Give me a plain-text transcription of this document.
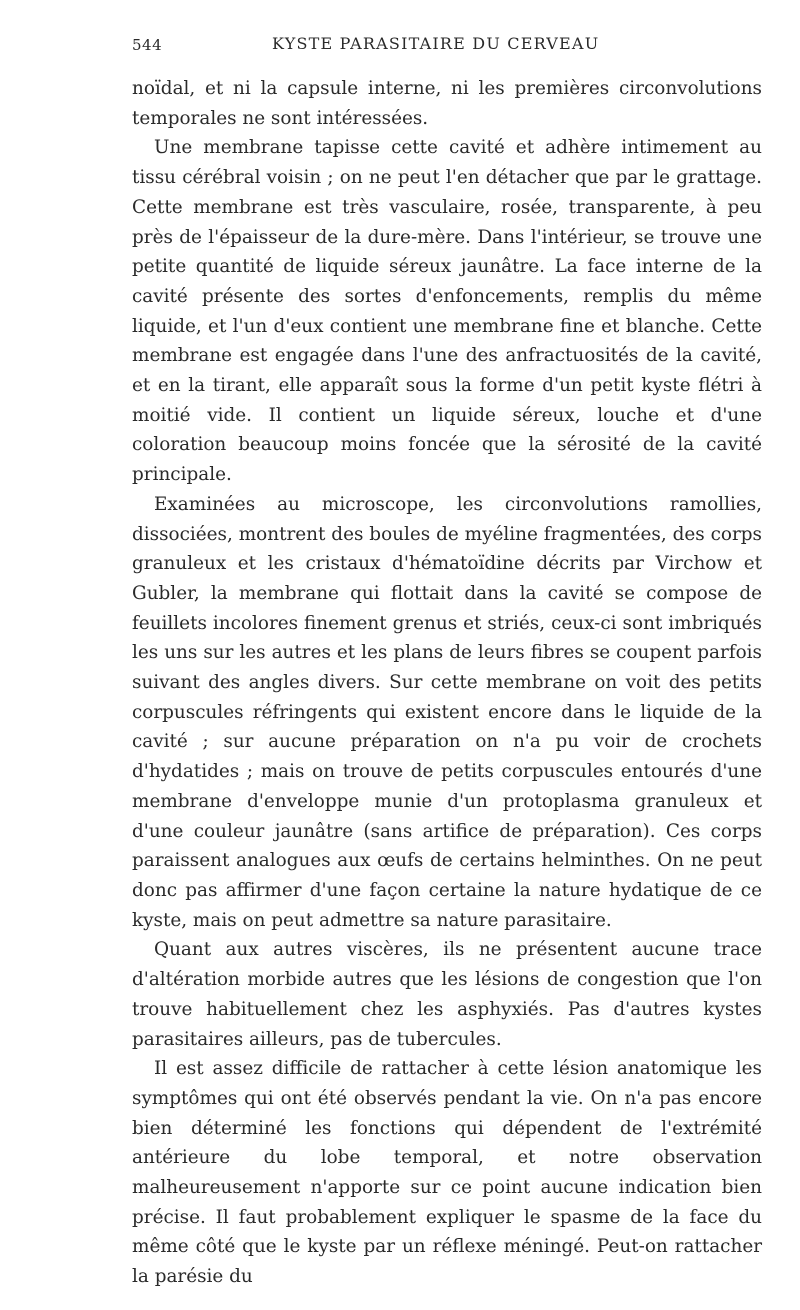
544	KYSTE PARASITAIRE DU CERVEAU

noïdal, et ni la capsule interne, ni les premières circonvolutions temporales ne sont intéressées.

Une membrane tapisse cette cavité et adhère intimement au tissu cérébral voisin ; on ne peut l'en détacher que par le grattage. Cette membrane est très vasculaire, rosée, transparente, à peu près de l'épaisseur de la dure-mère. Dans l'intérieur, se trouve une petite quantité de liquide séreux jaunâtre. La face interne de la cavité présente des sortes d'enfoncements, remplis du même liquide, et l'un d'eux contient une membrane fine et blanche. Cette membrane est engagée dans l'une des anfractuosités de la cavité, et en la tirant, elle apparaît sous la forme d'un petit kyste flétri à moitié vide. Il contient un liquide séreux, louche et d'une coloration beaucoup moins foncée que la sérosité de la cavité principale.

Examinées au microscope, les circonvolutions ramollies, dissociées, montrent des boules de myéline fragmentées, des corps granuleux et les cristaux d'hématoïdine décrits par Virchow et Gubler, la membrane qui flottait dans la cavité se compose de feuillets incolores finement grenus et striés, ceux-ci sont imbriqués les uns sur les autres et les plans de leurs fibres se coupent parfois suivant des angles divers. Sur cette membrane on voit des petits corpuscules réfringents qui existent encore dans le liquide de la cavité ; sur aucune préparation on n'a pu voir de crochets d'hydatides ; mais on trouve de petits corpuscules entourés d'une membrane d'enveloppe munie d'un protoplasma granuleux et d'une couleur jaunâtre (sans artifice de préparation). Ces corps paraissent analogues aux œufs de certains helminthes. On ne peut donc pas affirmer d'une façon certaine la nature hydatique de ce kyste, mais on peut admettre sa nature parasitaire.

Quant aux autres viscères, ils ne présentent aucune trace d'altération morbide autres que les lésions de congestion que l'on trouve habituellement chez les asphyxiés. Pas d'autres kystes parasitaires ailleurs, pas de tubercules.

Il est assez difficile de rattacher à cette lésion anatomique les symptômes qui ont été observés pendant la vie. On n'a pas encore bien déterminé les fonctions qui dépendent de l'extrémité antérieure du lobe temporal, et notre observation malheureusement n'apporte sur ce point aucune indication bien précise. Il faut probablement expliquer le spasme de la face du même côté que le kyste par un réflexe méningé. Peut-on rattacher la parésie du
